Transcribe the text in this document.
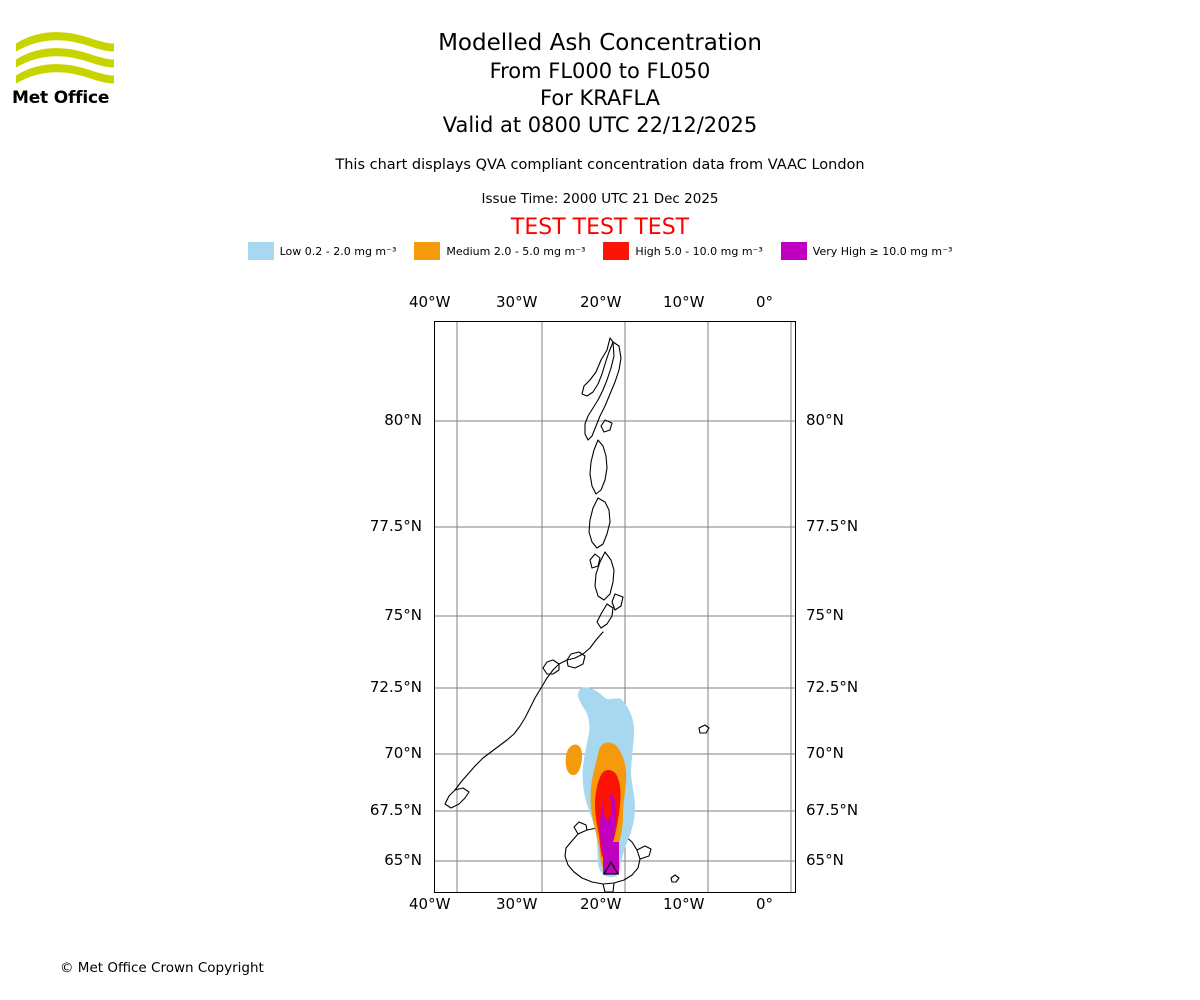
Met Office
Modelled Ash Concentration
From FL000 to FL050
For KRAFLA
Valid at 0800 UTC 22/12/2025
This chart displays QVA compliant concentration data from VAAC London
Issue Time: 2000 UTC 21 Dec 2025
TEST TEST TEST
Low 0.2 - 2.0 mg m⁻³	Medium 2.0 - 5.0 mg m⁻³	High 5.0 - 10.0 mg m⁻³	Very High ≥ 10.0 mg m⁻³
40°W	30°W	20°W	10°W	0°
40°W	30°W	20°W	10°W	0°
80°N
77.5°N
75°N
72.5°N
70°N
67.5°N
65°N
80°N
77.5°N
75°N
72.5°N
70°N
67.5°N
65°N
© Met Office Crown Copyright
